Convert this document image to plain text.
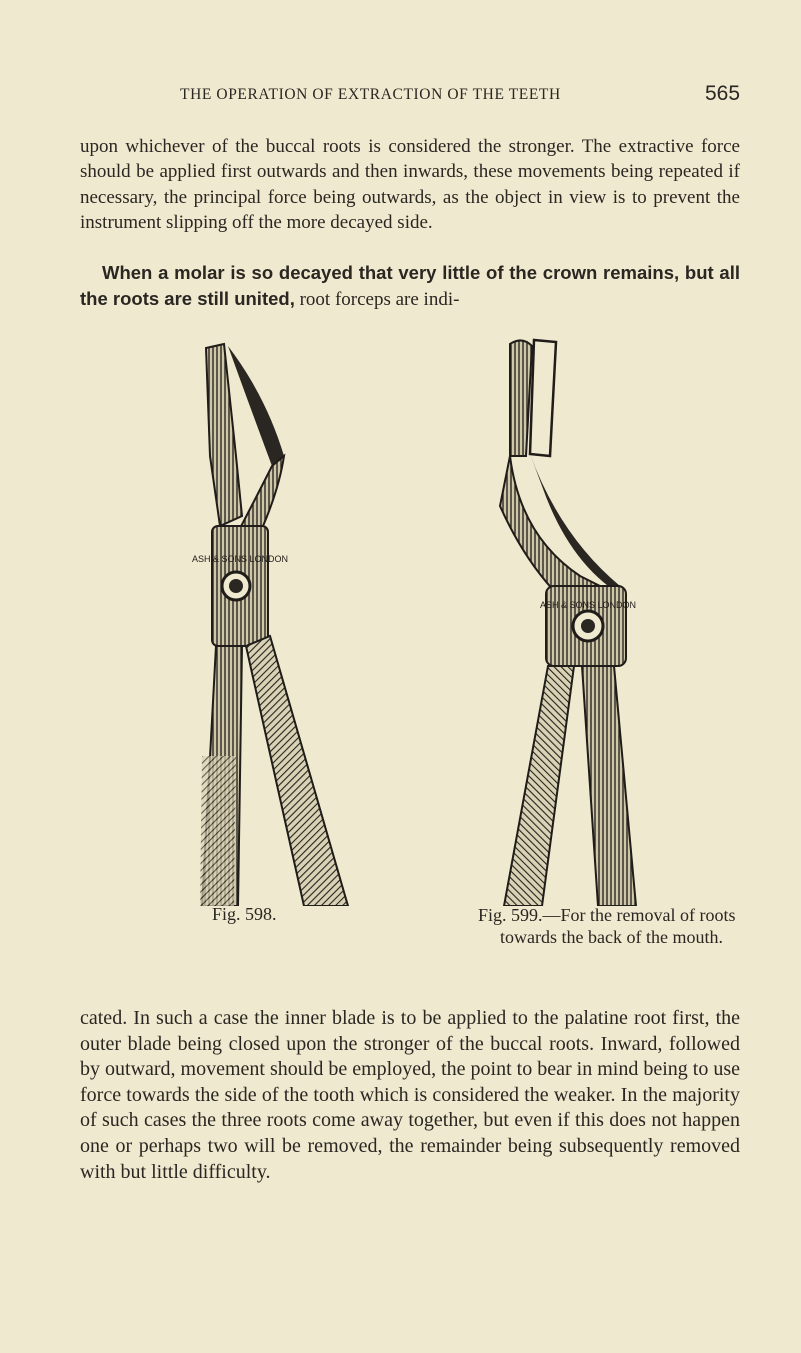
THE OPERATION OF EXTRACTION OF THE TEETH	565

upon whichever of the buccal roots is considered the stronger. The extractive force should be applied first outwards and then inwards, these movements being repeated if necessary, the principal force being outwards, as the object in view is to prevent the instrument slipping off the more decayed side.

When a molar is so decayed that very little of the crown remains, but all the roots are still united, root forceps are indi-

ASH & SONS LONDON
ASH & SONS LONDON
Fig. 598.	Fig. 599.—For the removal of roots
towards the back of the mouth.

cated. In such a case the inner blade is to be applied to the palatine root first, the outer blade being closed upon the stronger of the buccal roots. Inward, followed by outward, movement should be employed, the point to bear in mind being to use force towards the side of the tooth which is considered the weaker. In the majority of such cases the three roots come away together, but even if this does not happen one or perhaps two will be removed, the remainder being subsequently removed with but little difficulty.
